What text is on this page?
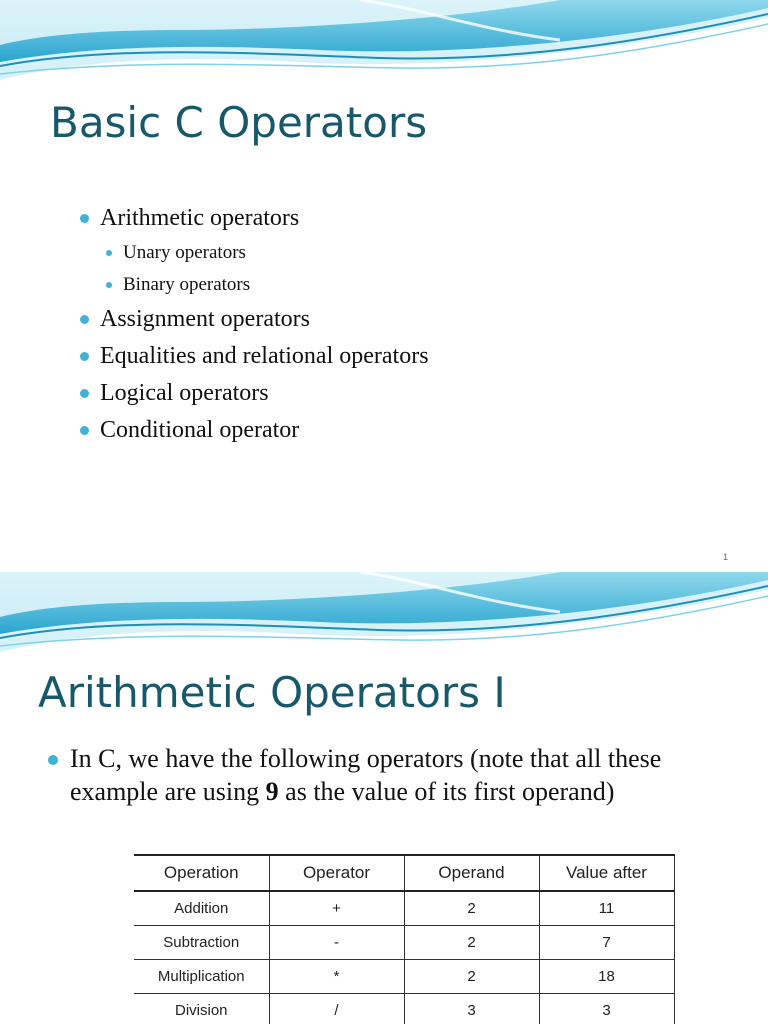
Basic C Operators
Arithmetic operators
Unary operators
Binary operators
Assignment operators
Equalities and relational operators
Logical operators
Conditional operator
1
Arithmetic Operators I
In C, we have the following operators (note that all these example are using 9 as the value of its first operand)
Operation	Operator	Operand	Value after
Addition	+	2	11
Subtraction	-	2	7
Multiplication	*	2	18
Division	/	3	3
